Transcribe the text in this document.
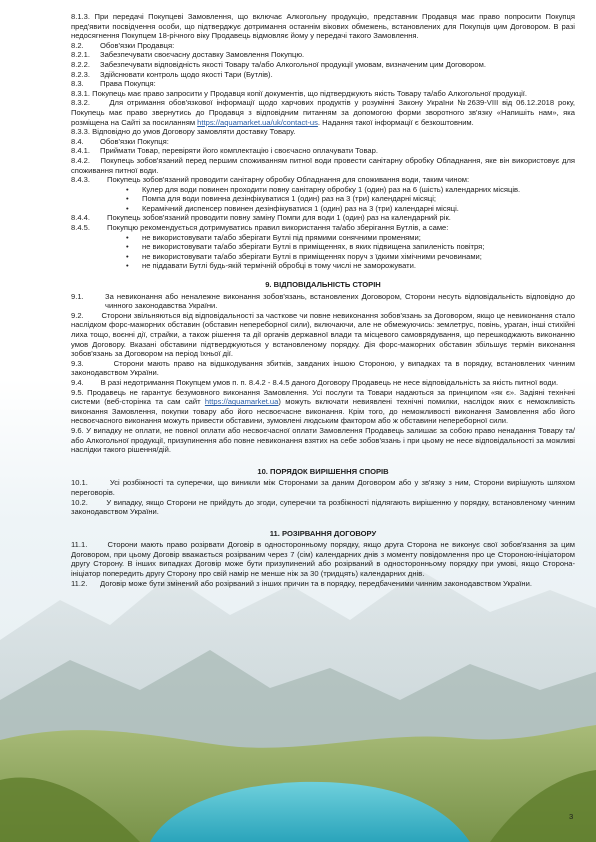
8.1.3. При передачі Покупцеві Замовлення, що включає Алкогольну продукцію, представник Продавця має право попросити Покупця пред'явити посвідчення особи, що підтверджує дотримання останнім вікових обмежень, встановлених для Покупців цим Договором. В разі недосягнення Покупцем 18-річного віку Продавець відмовляє йому у передачі такого Замовлення.
8.2.	Обов'язки Продавця:
8.2.1.	Забезпечувати своєчасну доставку Замовлення Покупцю.
8.2.2.	Забезпечувати відповідність якості Товару та/або Алкогольної продукції умовам, визначеним цим Договором.
8.2.3.	Здійснювати контроль щодо якості Тари (Бутлів).
8.3.	Права Покупця:
8.3.1. Покупець має право запросити у Продавця копії документів, що підтверджують якість Товару та/або Алкогольної продукції.
8.3.2.	Для отримання обов'язкової інформації щодо харчових продуктів у розумінні Закону України №2639-VIII від 06.12.2018 року, Покупець має право звернутись до Продавця з відповідним питанням за допомогою форми зворотного зв'язку «Напишіть нам», яка розміщена на Сайті за посиланням https://aquamarket.ua/uk/contact-us. Надання такої інформації є безкоштовним.
8.3.3. Відповідно до умов Договору замовляти доставку Товару.
8.4.	Обов'язки Покупця:
8.4.1.	Приймати Товар, перевіряти його комплектацію і своєчасно оплачувати Товар.
8.4.2. Покупець зобов'язаний перед першим споживанням питної води провести санітарну обробку Обладнання, яке він використовує для споживання питної води.
8.4.3.	Покупець зобов'язаний проводити санітарну обробку Обладнання для споживання води, таким чином:
• Кулер для води повинен проходити повну санітарну обробку 1 (один) раз на 6 (шість) календарних місяців.
• Помпа для води повинна дезінфікуватися 1 (один) раз на 3 (три) календарні місяці;
• Керамічний диспенсер повинен дезінфікуватися 1 (один) раз на 3 (три) календарні місяці.
8.4.4.	Покупець зобов'язаний проводити повну заміну Помпи для води 1 (один) раз на календарний рік.
8.4.5.	Покупцю рекомендується дотримуватись правил використання та/або зберігання Бутлів, а саме:
• не використовувати та/або зберігати Бутлі під прямими сонячними променями;
• не використовувати та/або зберігати Бутлі в приміщеннях, в яких підвищена запиленість повітря;
• не використовувати та/або зберігати Бутлі в приміщеннях поруч з їдкими хімічними речовинами;
• не піддавати Бутлі будь-якій термічній обробці в тому числі не заморожувати.
9. ВІДПОВІДАЛЬНІСТЬ СТОРІН
9.1.	За невиконання або неналежне виконання зобов'язань, встановлених Договором, Сторони несуть відповідальність відповідно до чинного законодавства України.
9.2. Сторони звільняються від відповідальності за часткове чи повне невиконання зобов'язань за Договором, якщо це невиконання стало наслідком форс-мажорних обставин (обставин непереборної сили), включаючи, але не обмежуючись: землетрус, повінь, ураган, інші стихійні лиха тощо, воєнні дії, страйки, а також рішення та дії органів державної влади та місцевого самоврядування, що перешкоджають виконанню умов Договору. Вказані обставини підтверджуються у встановленому порядку. Дія форс-мажорних обставин збільшує термін виконання зобов'язань за Договором на період їхньої дії.
9.3.	Сторони мають право на відшкодування збитків, завданих іншою Стороною, у випадках та в порядку, встановлених чинним законодавством України.
9.4. В разі недотримання Покупцем умов п. п. 8.4.2 - 8.4.5 даного Договору Продавець не несе відповідальність за якість питної води.
9.5. Продавець не гарантує безумовного виконання Замовлення. Усі послуги та Товари надаються за принципом «як є». Задіяні технічні системи (веб-сторінка та сам сайт https://aquamarket.ua) можуть включати невиявлені технічні помилки, наслідок яких є неможливість виконання Замовлення, покупки товару або його несвоєчасне виконання. Крім того, до неможливості виконання Замовлення або його несвоєчасного виконання можуть привести обставини, зумовлені людським фактором або ж обставини непереборної сили.
9.6. У випадку не оплати, не повної оплати або несвоєчасної оплати Замовлення Продавець залишає за собою право ненадання Товару та/або Алкогольної продукції, призупинення або повне невиконання взятих на себе зобов'язань і при цьому не несе відповідальності за можливі наслідки такого рішення/дій.
10. ПОРЯДОК ВИРІШЕННЯ СПОРІВ
10.1.	Усі розбіжності та суперечки, що виникли між Сторонами за даним Договором або у зв'язку з ним, Сторони вирішують шляхом переговорів.
10.2. У випадку, якщо Сторони не прийдуть до згоди, суперечки та розбіжності підлягають вирішенню у порядку, встановленому чинним законодавством України.
11. РОЗІРВАННЯ ДОГОВОРУ
11.1.	Сторони мають право розірвати Договір в односторонньому порядку, якщо друга Сторона не виконує свої зобов'язання за цим Договором, при цьому Договір вважається розірваним через 7 (сім) календарних днів з моменту повідомлення про це Стороною-ініціатором другу Сторону. В інших випадках Договір може бути призупинений або розірваний в односторонньому порядку при умові, якщо Сторона-ініціатор попередить другу Сторону про свій намір не менше ніж за 30 (тридцять) календарних днів.
11.2. Договір може бути змінений або розірваний з інших причин та в порядку, передбаченими чинним законодавством України.
3
